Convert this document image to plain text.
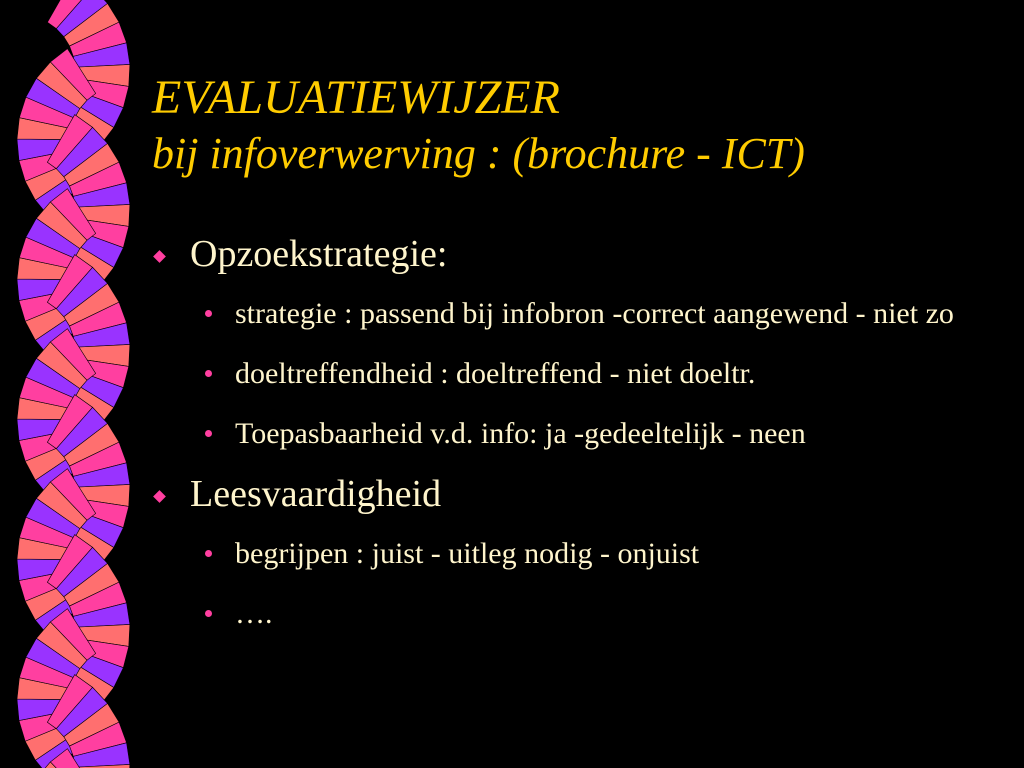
EVALUATIEWIJZER
bij infoverwerving : (brochure - ICT)
Opzoekstrategie:
strategie : passend bij infobron -correct aangewend - niet zo
doeltreffendheid : doeltreffend - niet doeltr.
Toepasbaarheid v.d. info: ja -gedeeltelijk - neen
Leesvaardigheid
begrijpen : juist - uitleg nodig - onjuist
….
